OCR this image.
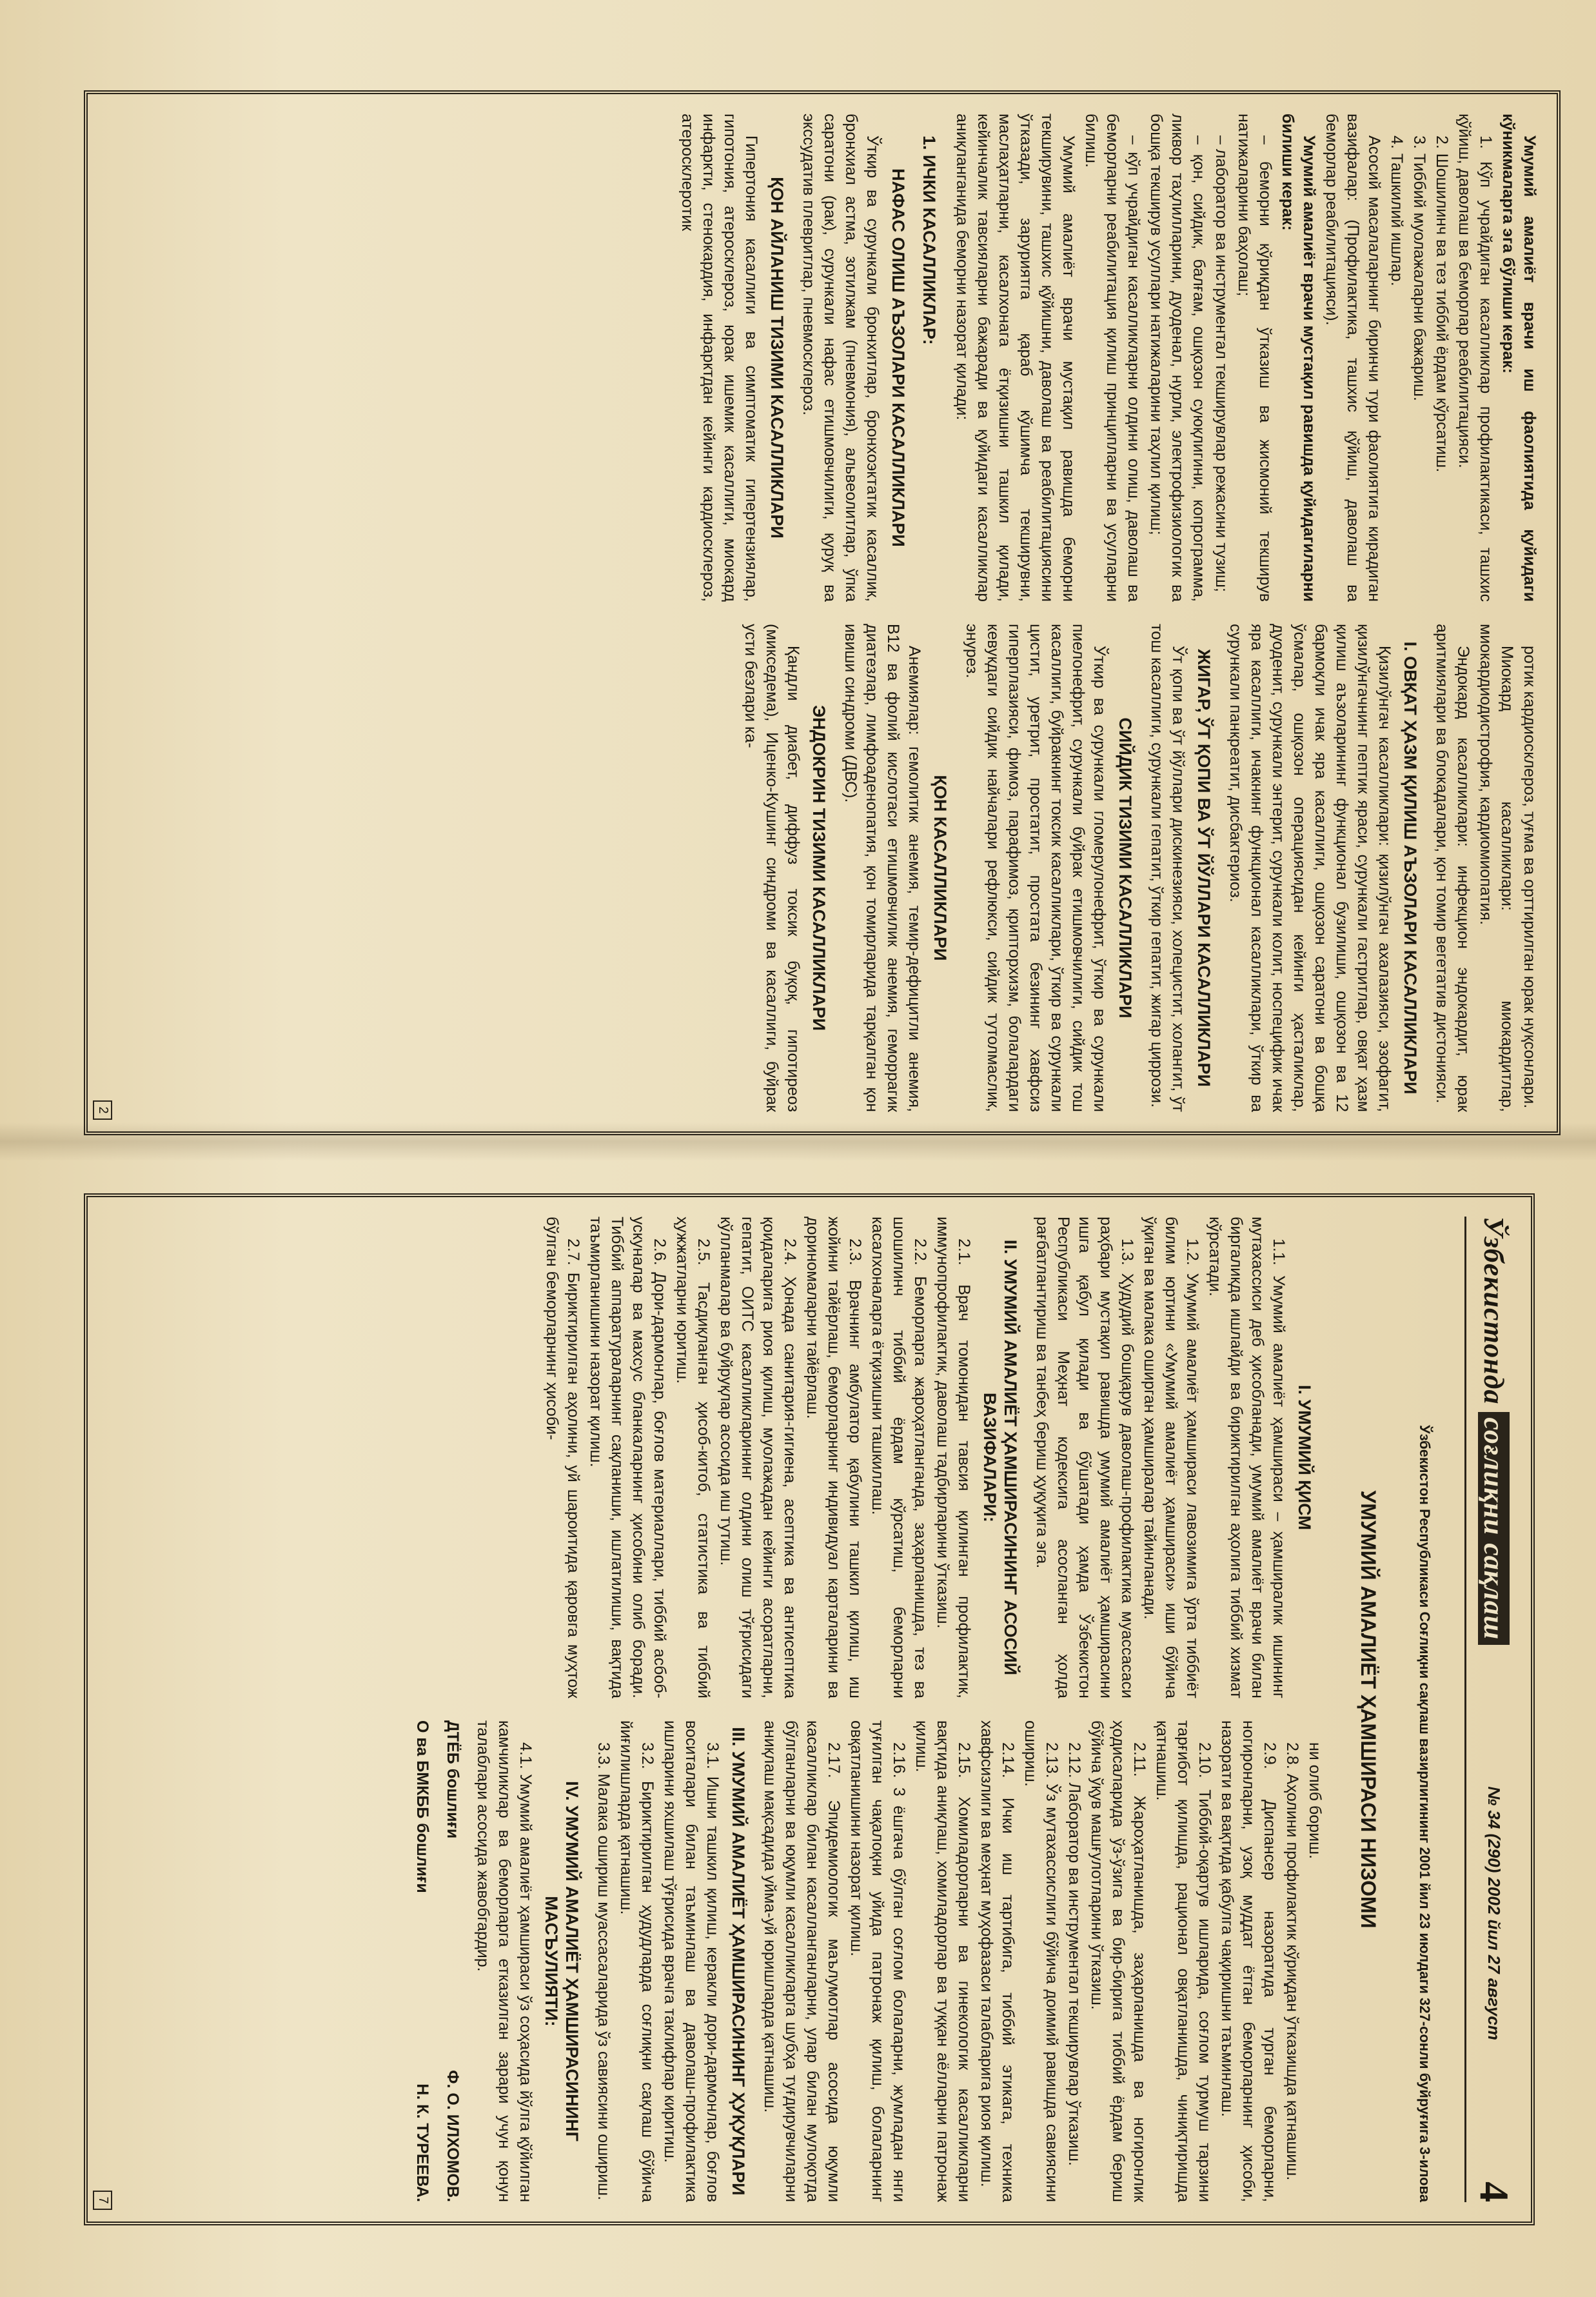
Умумий амалиёт врачи иш фаолиятида қуйидаги кўникмаларга эга бўлиши керак:

1. Кўп учрайдиган касалликлар профилактикаси, ташхис қўйиш, даволаш ва беморлар реабилитацияси.

2. Шошилинч ва тез тиббий ёрдам кўрсатиш.

3. Тиббий муолажаларни бажариш.

4. Ташкилий ишлар.

Асосий масалаларнинг биринчи тури фаолиятига кирадиган вазифалар: (Профилактика, ташхис қўйиш, даволаш ва беморлар реабилитацияси).

Умумий амалиёт врачи мустақил равишда қуйидагиларни билиши керак:

– беморни кўриқдан ўтказиш ва жисмоний текширув натижаларини баҳолаш;

– лаборатор ва инструментал текширувлар режасини тузиш;

– қон, сийдик, балғам, ошқозон суюқлигини, копрограмма, ликвор таҳлилларини, дуоденал, нурли, электрофизиологик ва бошқа текширув усуллари натижаларини таҳлил қилиш;

– кўп учрайдиган касалликларни олдини олиш, даволаш ва беморларни реабилитация қилиш принципларни ва усулларни билиш.

Умумий амалиёт врачи мустақил равишда беморни текширувини, ташхис қўйишни, даволаш ва реабилитациясини ўтказади, заруриятга қараб кўшимча текширувни, маслаҳатларни, касалхонага ётқизишни ташкил қилади, кейинчалик тавсияларни бажаради ва қуйидаги касалликлар аниқланганида беморни назорат қилади:

1. ИЧКИ КАСАЛЛИКЛАР:
НАФАС ОЛИШ АЪЗОЛАРИ КАСАЛЛИКЛАРИ

Ўткир ва сурункали бронхитлар, бронхоэктатик касаллик, бронхиал астма, зотилжам (пневмония), альвеолитлар, ўпка саратони (рак), сурункали нафас етишмовчилиги, қуруқ ва экссудатив плевритлар, пневмосклероз.

ҚОН АЙЛАНИШ ТИЗИМИ КАСАЛЛИКЛАРИ

Гипертония касаллиги ва симптоматик гипертензиялар, гипотония, атеросклероз, юрак ишемик касаллиги, миокард инфаркти, стенокардия, инфарктдан кейинги кардиосклероз, атеросклеротик

ротик кардиосклероз, туғма ва орттирилган юрак нуқсонлари.

Миокард касалликлари: миокардитлар, миокардиодистрофия, кардиомиопатия.

Эндокард касалликлари: инфекцион эндокардит, юрак аритмиялари ва блокадалари, қон томир вегетатив дистонияси.

I. ОВҚАТ ҲАЗМ ҚИЛИШ АЪЗОЛАРИ КАСАЛЛИКЛАРИ

Қизилўнгач касалликлари: қизилўнгач ахалазияси, эзофагит, қизилўнгачнинг пептик яраси, сурункали гастритлар, овқат ҳазм қилиш аъзоларининг функционал бузилиши, ошқозон ва 12 бармоқли ичак яра касаллиги, ошқозон саратони ва бошқа ўсмалар, ошқозон операциясидан кейинги ҳасталиклар, дуоденит, сурункали энтерит, сурункали колит, носпецифик ичак яра касаллиги, ичакнинг функционал касалликлари, ўткир ва сурункали панкреатит, дисбактериоз.

ЖИГАР, ЎТ ҚОПИ ВА ЎТ ЙЎЛЛАРИ КАСАЛЛИКЛАРИ

Ўт қопи ва ўт йўллари дискинезияси, холецистит, холангит, ўт тош касаллиги, сурункали гепатит, ўткир гепатит, жигар циррози.

СИЙДИК ТИЗИМИ КАСАЛЛИКЛАРИ

Ўткир ва сурункали гломерулонефрит, ўткир ва сурункали пиелонефрит, сурункали буйрак етишмовчилиги, сийдик тош касаллиги, буйракнинг токсик касалликлари, ўткир ва сурункали цистит, уретрит, простатит, простата безининг хавфсиз гиперплазияси, фимоз, парафимоз, крипторхизм, болалардаги кевукдаги сийдик найчалари рефлюкси, сийдик тутолмаслик, энурез.

ҚОН КАСАЛЛИКЛАРИ

Анемиялар: гемолитик анемия, темир-дефицитли анемия, B12 ва фолий кислотаси етишмовчилик анемия, геморрагик диатезлар, лимфоаденопатия, қон томирларида тарқалган қон ивиши синдроми (ДВС).

ЭНДОКРИН ТИЗИМИ КАСАЛЛИКЛАРИ

Қандли диабет, диффуз токсик буқоқ, гипотиреоз (микседема), Иценко-Кушинг синдроми ва касаллиги, буйрак усти безлари ка-

2
Ўзбекистонда соғлиқни сақлаш
№ 34 (290) 2002 йил 27 август
4
Ўзбекистон Республикаси Соғлиқни сақлаш вазирлигининг 2001 йил 23 июлдаги 327-сонли буйруғига 3-илова
УМУМИЙ АМАЛИЁТ ҲАМШИРАСИ НИЗОМИ
I. УМУМИЙ ҚИСМ

1.1. Умумий амалиёт ҳамшираси – ҳамширалик ишининг мутахассиси деб ҳисобланади, умумий амалиёт врачи билан биргаликда ишлайди ва бириктирилган аҳолига тиббий хизмат кўрсатади.

1.2. Умумий амалиёт ҳамшираси лавозимига ўрта тиббиёт билим юртини «Умумий амалиёт ҳамшираси» иши бўйича ўқиган ва малака оширган ҳамширалар тайинланади.

1.3. Ҳудудий бошқарув даволаш-профилактика муассасаси раҳбари мустақил равишда умумий амалиёт ҳамширасини ишга қабул қилади ва бўшатади ҳамда Ўзбекистон Республикаси Меҳнат кодексига асосланган ҳолда рағбатлантириш ва танбеҳ бериш ҳуқуқига эга.

II. УМУМИЙ АМАЛИЁТ ҲАМШИРАСИНИНГ АСОСИЙ ВАЗИФАЛАРИ:

2.1. Врач томонидан тавсия қилинган профилактик, иммунопрофилактик, даволаш тадбирларини ўтказиш.

2.2. Беморларга жароҳатланганда, заҳарланишда, тез ва шошилинч тиббий ёрдам кўрсатиш, беморларни касалхоналарга ётқизишни ташкиллаш.

2.3. Врачнинг амбулатор қабулини ташкил қилиш, иш жойини тайёрлаш, беморларнинг индивидуал карталарини ва дориномаларни тайёрлаш.

2.4. Ҳонада санитария-гигиена, асептика ва антисептика қоидаларига риоя қилиш, муолажадан кейинги асоратларни, гепатит, ОИТС касалликларининг олдини олиш тўғрисидаги кўлланмалар ва буйруқлар асосида иш тутиш.

2.5. Тасдиқланган ҳисоб-китоб, статистика ва тиббий ҳужжатларни юритиш.

2.6. Дори-дармонлар, боғлов материаллари, тиббий асбоб-ускуналар ва махсус бланкаларнинг ҳисобини олиб боради. Тиббий аппаратураларнинг сақланиши, ишлатилиши, вақтида таъмирланишини назорат қилиш.

2.7. Бириктирилган аҳолини, уй шароитида қаровга муҳтож бўлган беморларнинг ҳисоби-

ни олиб бориш.

2.8. Аҳолини профилактик кўриқдан ўтказишда қатнашиш.

2.9. Диспансер назоратида турган беморларни, ногиронларни, узоқ муддат ётган беморларнинг ҳисоби, назорати ва вақтида қабулга чақиришни таъминлаш.

2.10. Тиббий-оқартув ишларида, соғлом турмуш тарзини тарғибот қилишда, рационал овқатланишда, чиниқтиришда қатнашиш.

2.11. Жароҳатланишда, заҳарланишда ва ногиронлик ҳодисаларида ўз-ўзига ва бир-бирига тиббий ёрдам бериш бўйича ўқув машғулотларини ўтказиш.

2.12. Лаборатор ва инструментал текширувлар ўтказиш.

2.13. Ўз мутахассислиги бўйича доимий равишда савиясини ошириш.

2.14. Ички иш тартибига, тиббий этикага, техника хавфсизлиги ва меҳнат муҳофазаси талабларига риоя қилиш.

2.15. Хомиладорларни ва гинекологик касалликларни вақтида аниқлаш, хомиладорлар ва туққан аёлларни патронаж қилиш.

2.16. 3 ёшгача бўлган соғлом болаларни, жумладан янги туғилган чақалоқни уйида патронаж қилиш, болаларнинг овқатланишини назорат қилиш.

2.17. Эпидемиологик маълумотлар асосида юқумли касалликлар билан касалланганларни, улар билан мулоқотда бўлганларни ва юқумли касалликларга шубҳа туғдирувчиларни аниқлаш мақсадида уйма-уй юришларда қатнашиш.

III. УМУМИЙ АМАЛИЁТ ҲАМШИРАСИНИНГ ҲУҚУҚЛАРИ

3.1. Ишни ташкил қилиш, керакли дори-дармонлар, боғлов воситалари билан таъминлаш ва даволаш-профилактика ишларини яхшилаш тўғрисида врачга таклифлар киритиш.

3.2. Бириктирилган ҳудудларда соғлиқни сақлаш бўйича йиғилишларда қатнашиш.

3.3. Малака ошириш муассасаларида ўз савиясини ошириш.

IV. УМУМИЙ АМАЛИЁТ ҲАМШИРАСИНИНГ МАСЪУЛИЯТИ:

4.1. Умумий амалиёт ҳамшираси ўз соҳасида йўлга қўйилган камчиликлар ва беморларга етказилган зарари учун қонун талаблари асосида жавобгардир.

ДТЁБ бошлиғи
Ф. О. ИЛХОМОВ.
О ва БМКББ бошлиғи
Н. К. ТУРЕЕВА.
7
